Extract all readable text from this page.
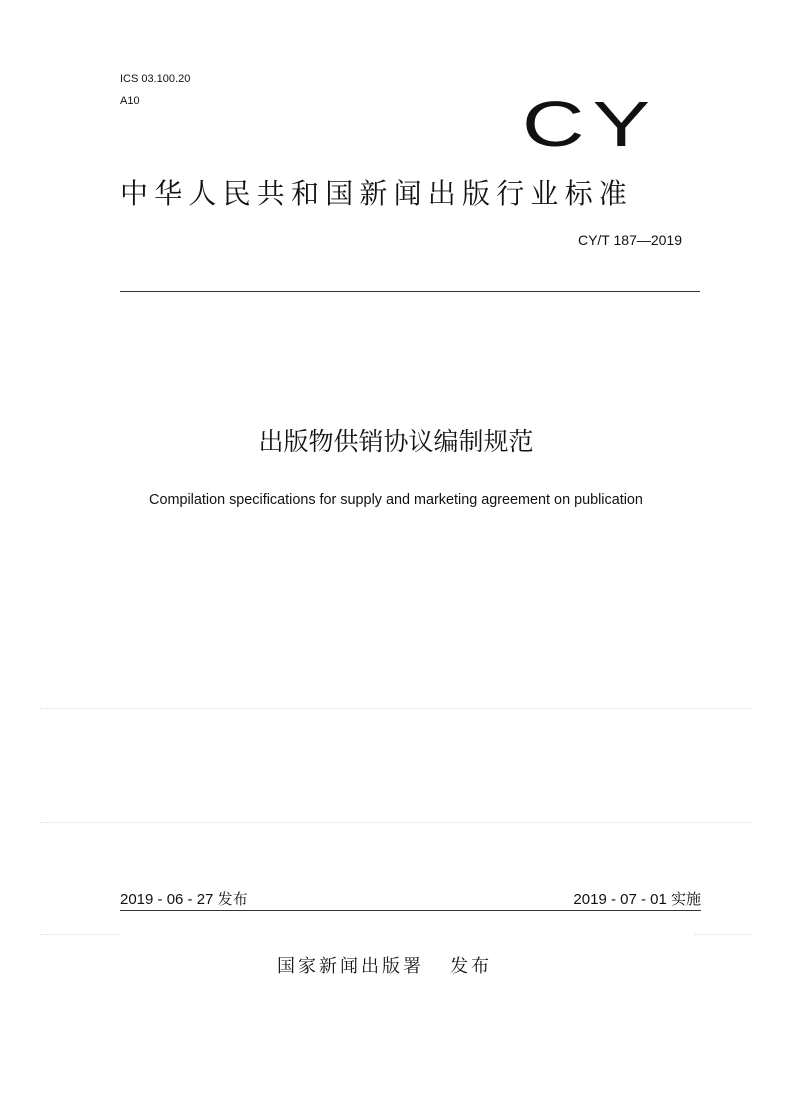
ICS 03.100.20
A10	CY
中华人民共和国新闻出版行业标准
CY/T 187—2019
出版物供销协议编制规范
Compilation specifications for supply and marketing agreement on publication
2019 - 06 - 27 发布	2019 - 07 - 01 实施
国家新闻出版署   发布
